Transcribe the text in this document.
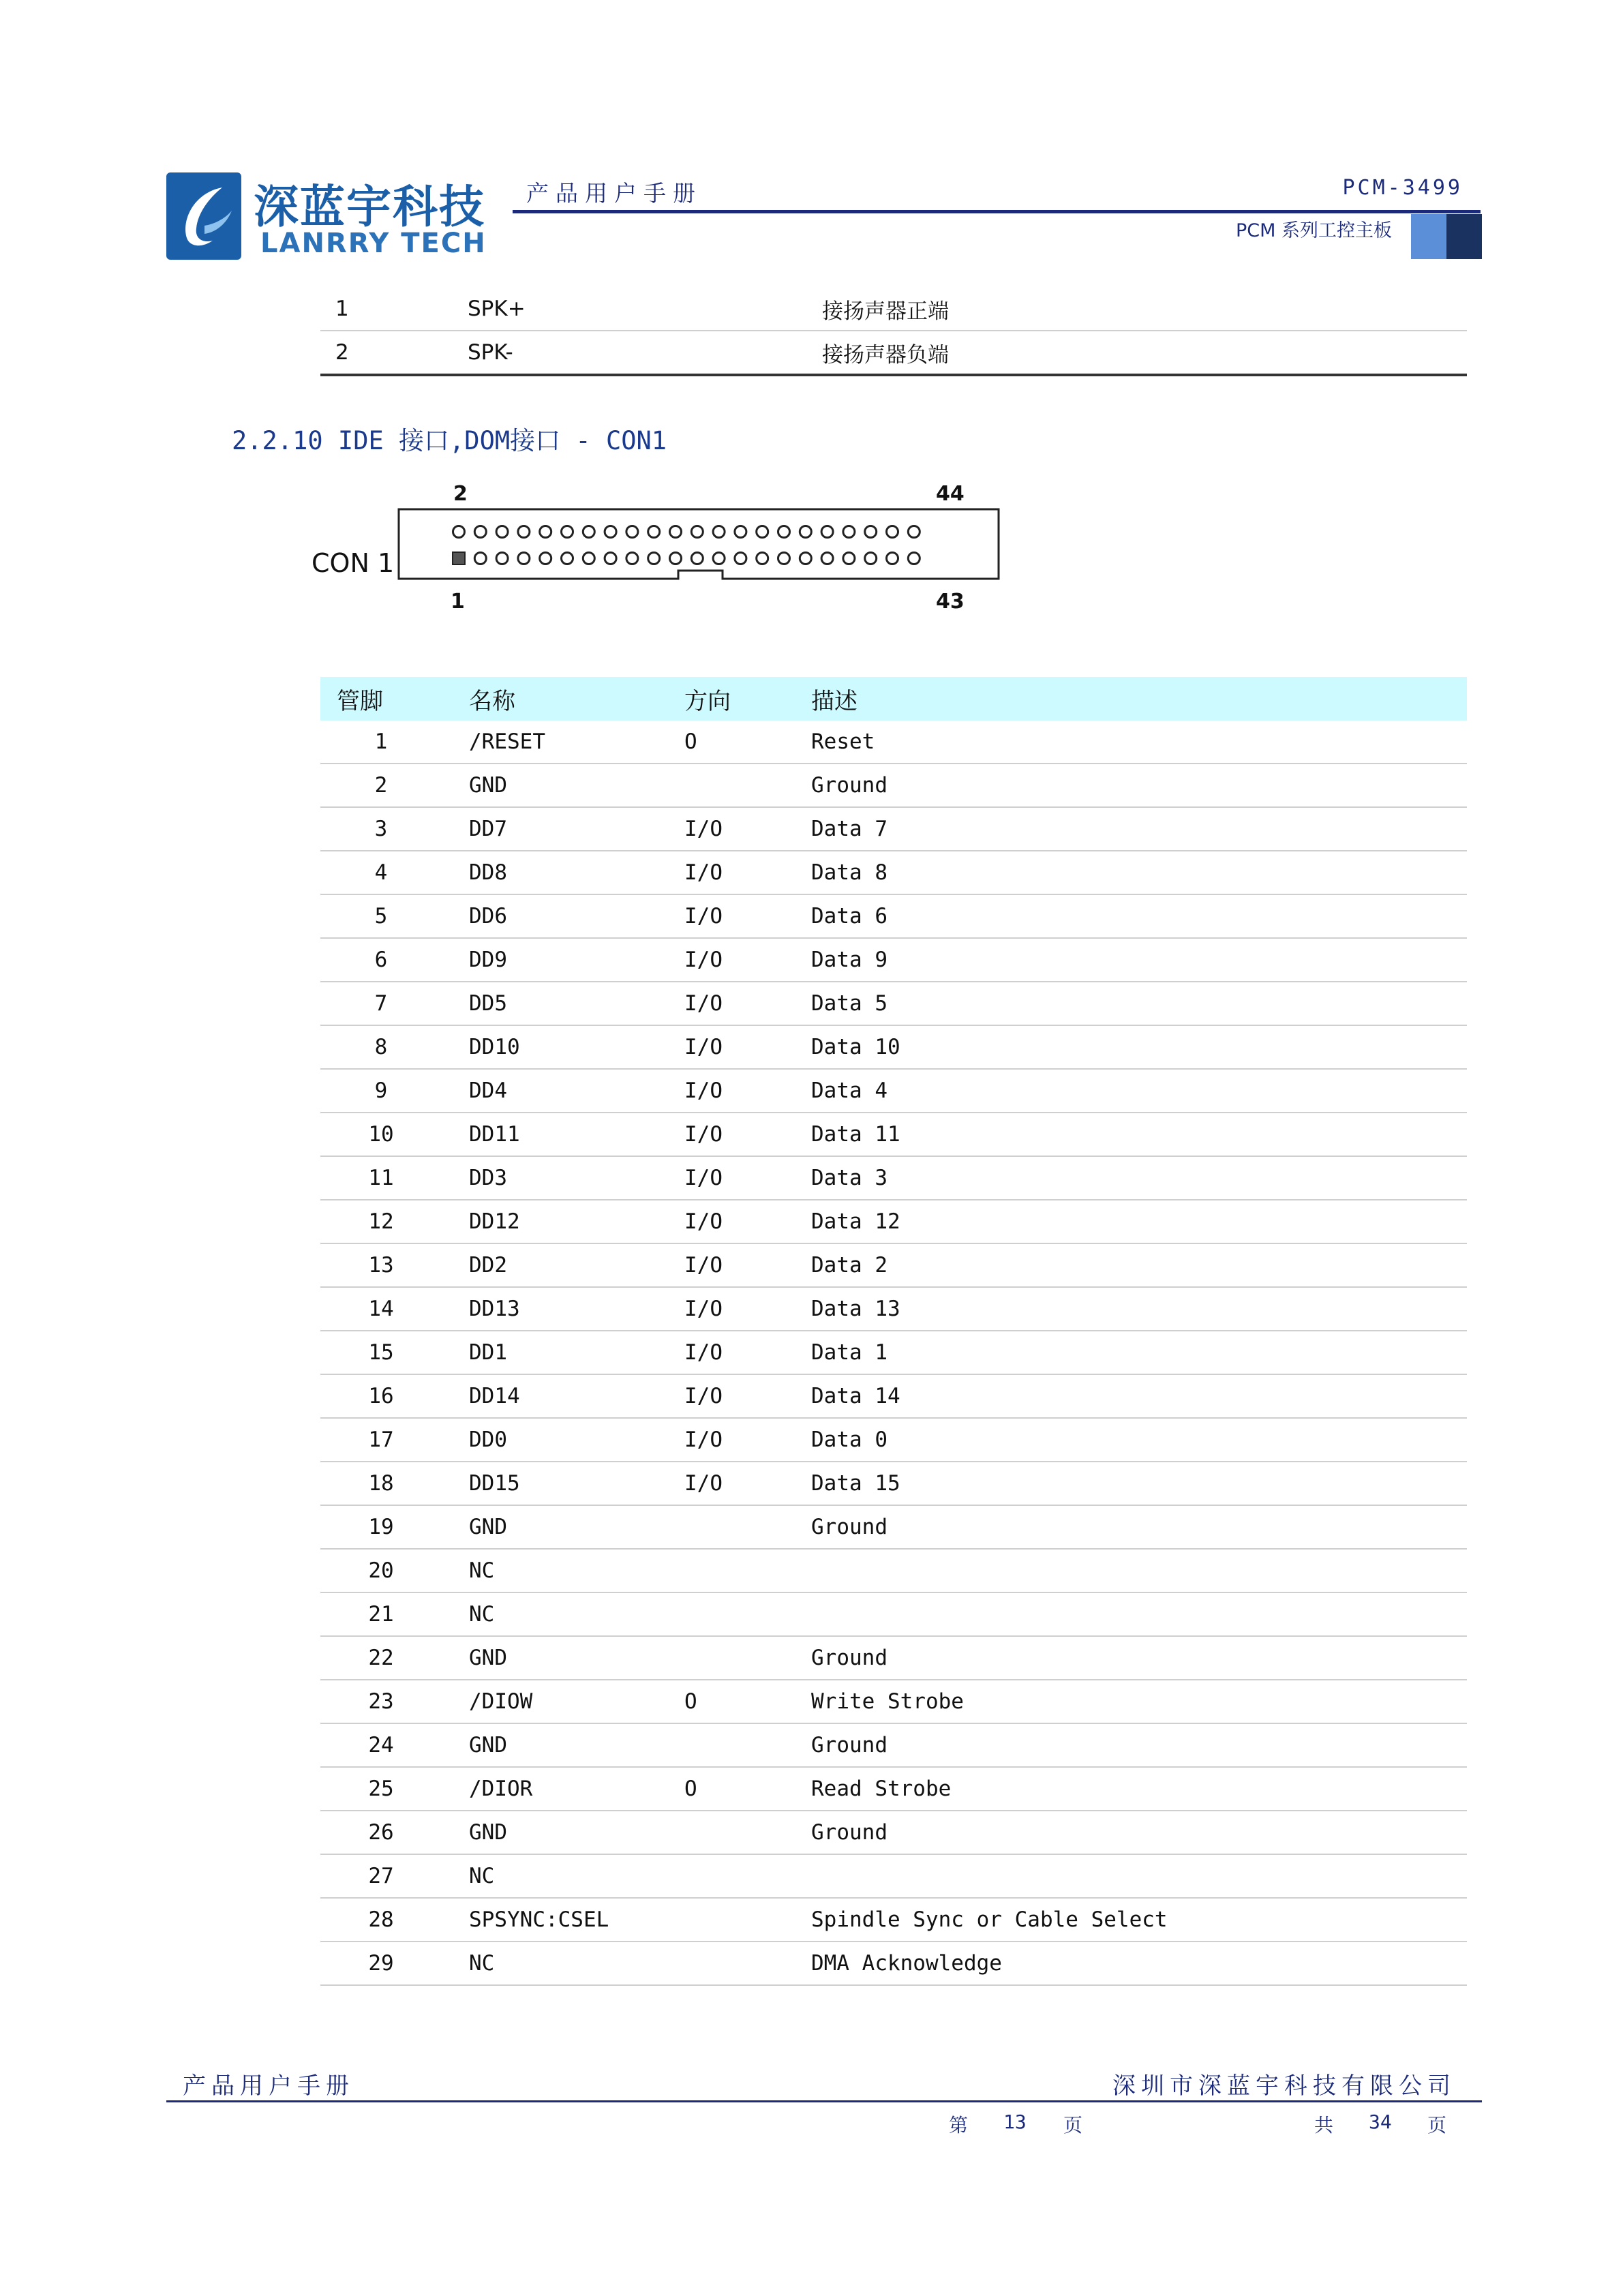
深蓝宇科技
LANRRY TECH
产品用户手册	PCM-3499
PCM 系列工控主板
1	SPK+	接扬声器正端
2	SPK-	接扬声器负端
2.2.10 IDE 接口,DOM接口 - CON1
CON 1
2	44
1	43
管脚	名称	方向	描述
1	/RESET	O	Reset
2	GND		Ground
3	DD7	I/O	Data 7
4	DD8	I/O	Data 8
5	DD6	I/O	Data 6
6	DD9	I/O	Data 9
7	DD5	I/O	Data 5
8	DD10	I/O	Data 10
9	DD4	I/O	Data 4
10	DD11	I/O	Data 11
11	DD3	I/O	Data 3
12	DD12	I/O	Data 12
13	DD2	I/O	Data 2
14	DD13	I/O	Data 13
15	DD1	I/O	Data 1
16	DD14	I/O	Data 14
17	DD0	I/O	Data 0
18	DD15	I/O	Data 15
19	GND		Ground
20	NC		
21	NC		
22	GND		Ground
23	/DIOW	O	Write Strobe
24	GND		Ground
25	/DIOR	O	Read Strobe
26	GND		Ground
27	NC		
28	SPSYNC:CSEL		Spindle Sync or Cable Select
29	NC		DMA Acknowledge
产品用户手册	深圳市深蓝宇科技有限公司
第 13 页	共 34 页
